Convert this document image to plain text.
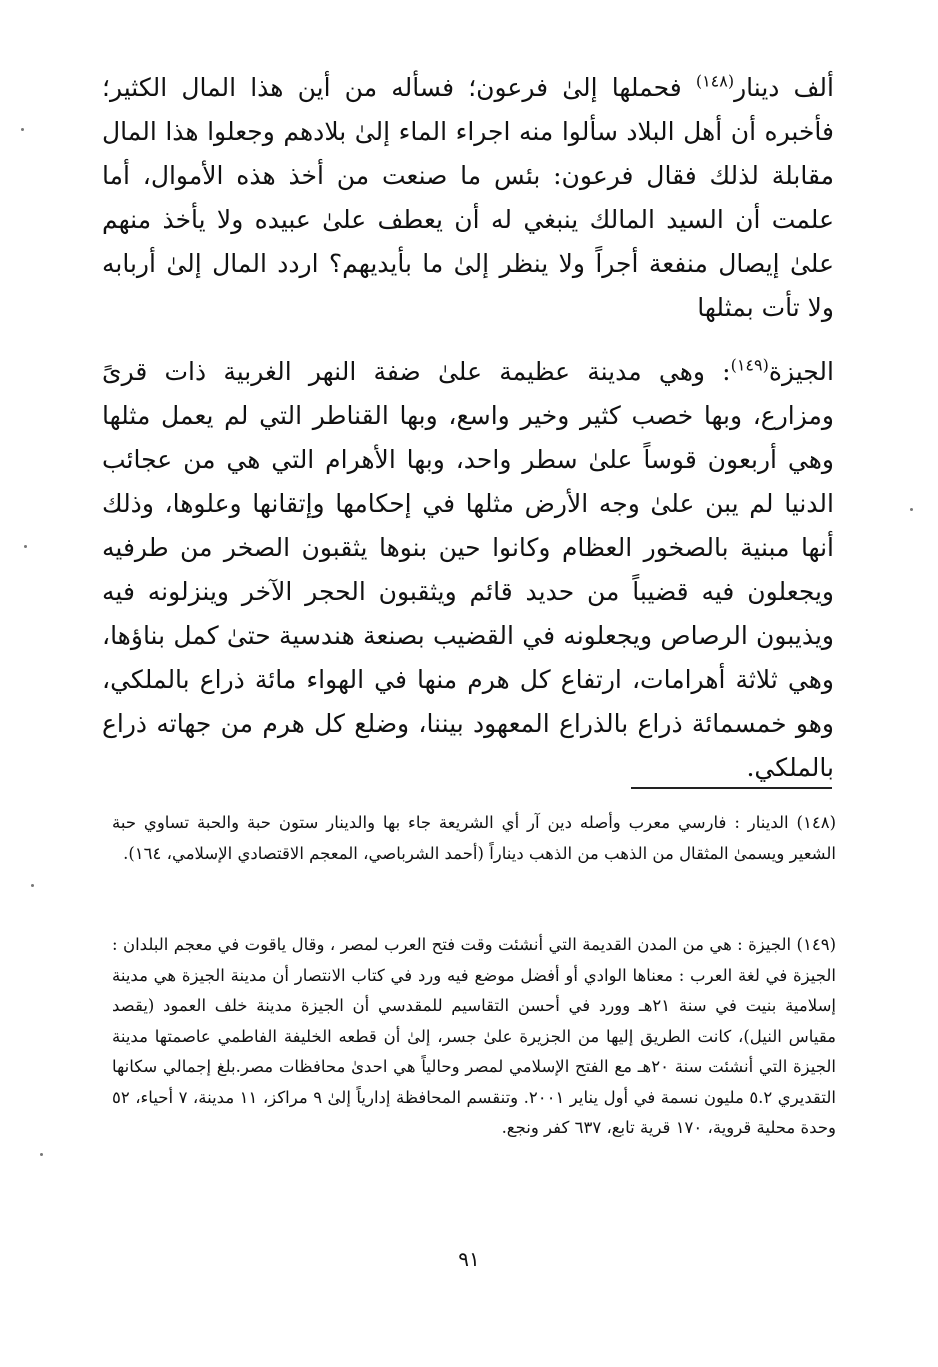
ألف دينار$^{(١٤٨)}$ فحملها إلىٰ فرعون؛ فسأله من أين هذا المال الكثير؛ فأخبره أن أهل البلاد سألوا منه اجراء الماء إلىٰ بلادهم وجعلوا هذا المال مقابلة لذلك فقال فرعون: بئس ما صنعت من أخذ هذه الأموال، أما علمت أن السيد المالك ينبغي له أن يعطف علىٰ عبيده ولا يأخذ منهم علىٰ إيصال منفعة أجراً ولا ينظر إلىٰ ما بأيديهم؟ اردد المال إلىٰ أربابه ولا تأت بمثلها

الجيزة$^{(١٤٩)}$: وهي مدينة عظيمة علىٰ ضفة النهر الغربية ذات قرىً ومزارع، وبها خصب كثير وخير واسع، وبها القناطر التي لم يعمل مثلها وهي أربعون قوساً علىٰ سطر واحد، وبها الأهرام التي هي من عجائب الدنيا لم يبن علىٰ وجه الأرض مثلها في إحكامها وإتقانها وعلوها، وذلك أنها مبنية بالصخور العظام وكانوا حين بنوها يثقبون الصخر من طرفيه ويجعلون فيه قضيباً من حديد قائم ويثقبون الحجر الآخر وينزلونه فيه ويذيبون الرصاص ويجعلونه في القضيب بصنعة هندسية حتىٰ كمل بناؤها، وهي ثلاثة أهرامات، ارتفاع كل هرم منها في الهواء مائة ذراع بالملكي، وهو خمسمائة ذراع بالذراع المعهود بيننا، وضلع كل هرم من جهاته ذراع بالملكي.

(١٤٨) الدينار : فارسي معرب وأصله دين آر أي الشريعة جاء بها والدينار ستون حبة والحبة تساوي حبة الشعير ويسمىٰ المثقال من الذهب من الذهب ديناراً (أحمد الشرباصي، المعجم الاقتصادي الإسلامي، ١٦٤).

(١٤٩) الجيزة : هي من المدن القديمة التي أنشئت وقت فتح العرب لمصر ، وقال ياقوت في معجم البلدان : الجيزة في لغة العرب : معناها الوادي أو أفضل موضع فيه ورد في كتاب الانتصار أن مدينة الجيزة هي مدينة إسلامية بنيت في سنة ٢١هـ وورد في أحسن التقاسيم للمقدسي أن الجيزة مدينة خلف العمود (يقصد مقياس النيل)، كانت الطريق إليها من الجزيرة علىٰ جسر، إلىٰ أن قطعه الخليفة الفاطمي عاصمتها مدينة الجيزة التي أنشئت سنة ٢٠هـ مع الفتح الإسلامي لمصر وحالياً هي احدىٰ محافظات مصر.بلغ إجمالي سكانها التقديري ٥.٢ مليون نسمة في أول يناير ٢٠٠١. وتنقسم المحافظة إدارياً إلىٰ ٩ مراكز، ١١ مدينة، ٧ أحياء، ٥٢ وحدة محلية قروية، ١٧٠ قرية تابع، ٦٣٧ كفر ونجع.

٩١
